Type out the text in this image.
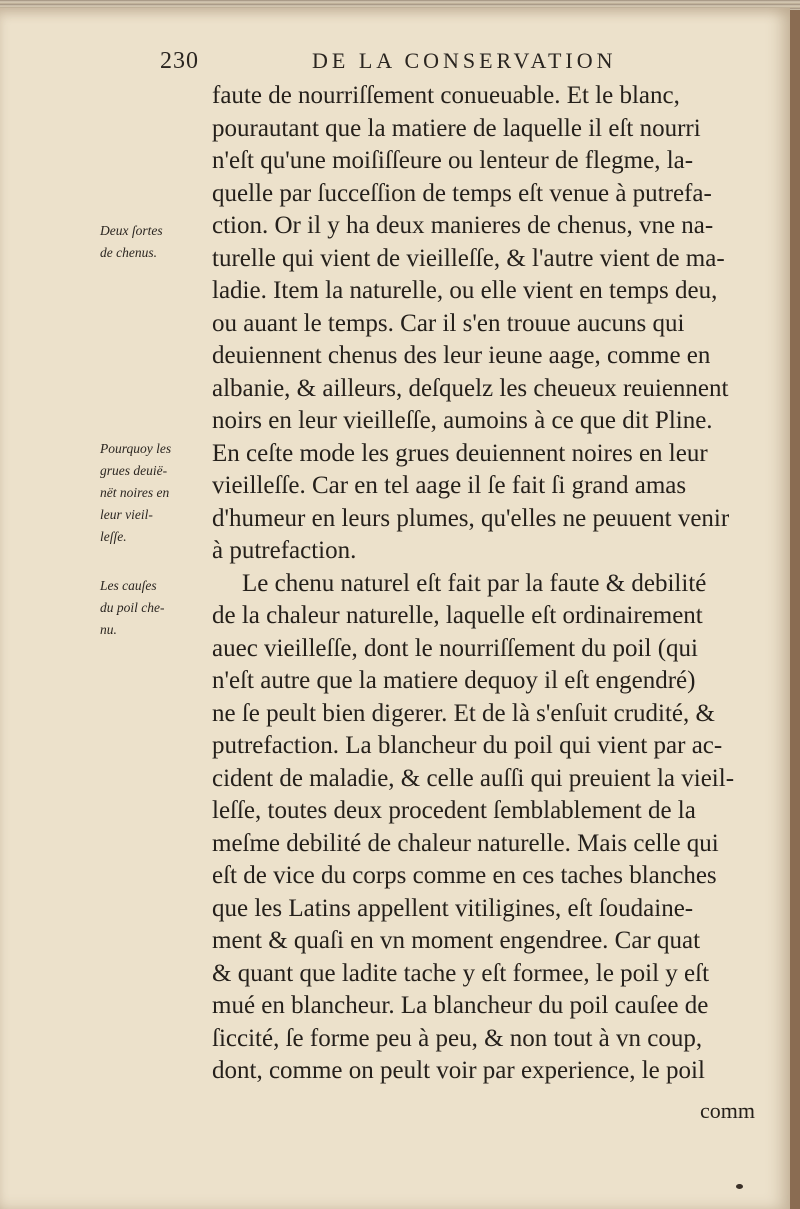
230	DE LA CONSERVATION
faute de nourriſſement conueuable. Et le blanc,
pourautant que la matiere de laquelle il eſt nourri
n'eſt qu'une moiſiſſeure ou lenteur de flegme, la-
quelle par ſucceſſion de temps eſt venue à putrefa-
ction. Or il y ha deux manieres de chenus, vne na-
turelle qui vient de vieilleſſe, & l'autre vient de ma-
ladie. Item la naturelle, ou elle vient en temps deu,
ou auant le temps. Car il s'en trouue aucuns qui
deuiennent chenus des leur ieune aage, comme en
albanie, & ailleurs, deſquelz les cheueux reuiennent
noirs en leur vieilleſſe, aumoins à ce que dit Pline.
En ceſte mode les grues deuiennent noires en leur
vieilleſſe. Car en tel aage il ſe fait ſi grand amas
d'humeur en leurs plumes, qu'elles ne peuuent venir
à putrefaction.
Le chenu naturel eſt fait par la faute & debilité
de la chaleur naturelle, laquelle eſt ordinairement
auec vieilleſſe, dont le nourriſſement du poil (qui
n'eſt autre que la matiere dequoy il eſt engendré)
ne ſe peult bien digerer. Et de là s'enſuit crudité, &
putrefaction. La blancheur du poil qui vient par ac-
cident de maladie, & celle auſſi qui preuient la vieil-
leſſe, toutes deux procedent ſemblablement de la
meſme debilité de chaleur naturelle. Mais celle qui
eſt de vice du corps comme en ces taches blanches
que les Latins appellent vitiligines, eſt ſoudaine-
ment & quaſi en vn moment engendree. Car quat
& quant que ladite tache y eſt formee, le poil y eſt
mué en blancheur. La blancheur du poil cauſee de
ſiccité, ſe forme peu à peu, & non tout à vn coup,
dont, comme on peult voir par experience, le poil
comm
Deux ſortes
de chenus.
Pourquoy les
grues deuië-
nët noires en
leur vieil-
leſſe.
Les cauſes
du poil che-
nu.
